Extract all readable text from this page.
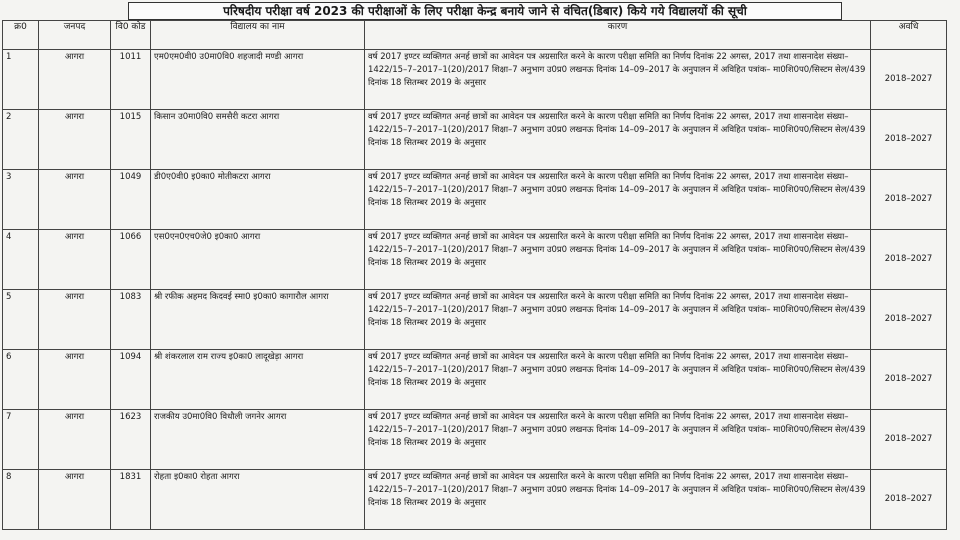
परिषदीय परीक्षा वर्ष 2023 की परीक्षाओं के लिए परीक्षा केन्द्र बनाये जाने से वंचित(डिबार) किये गये विद्यालयों की सूची
क्र0	जनपद	वि0 कोड	विद्यालय का नाम	कारण	अवधि
1	आगरा	1011	एम0एम0वी0 उ0मा0वि0 शहजादी मण्डी आगरा	वर्ष 2017 इण्टर व्यक्तिगत अनर्ह छात्रों का आवेदन पत्र अग्रसारित करने के कारण परीक्षा समिति का निर्णय दिनांक 22 अगस्त, 2017 तथा शासनादेश संख्या–1422/15–7–2017–1(20)/2017 शिक्षा–7 अनुभाग उ0प्र0 लखनऊ दिनांक 14–09–2017 के अनुपालन में अविहित पत्रांक– मा0शि0प0/सिस्टम सेल/439 दिनांक 18 सितम्बर 2019 के अनुसार	2018–2027
2	आगरा	1015	किसान उ0मा0वि0 समसैरी कटरा आगरा	वर्ष 2017 इण्टर व्यक्तिगत अनर्ह छात्रों का आवेदन पत्र अग्रसारित करने के कारण परीक्षा समिति का निर्णय दिनांक 22 अगस्त, 2017 तथा शासनादेश संख्या–1422/15–7–2017–1(20)/2017 शिक्षा–7 अनुभाग उ0प्र0 लखनऊ दिनांक 14–09–2017 के अनुपालन में अविहित पत्रांक– मा0शि0प0/सिस्टम सेल/439 दिनांक 18 सितम्बर 2019 के अनुसार	2018–2027
3	आगरा	1049	डी0ए0वी0 इ0का0 मोतीकटरा आगरा	वर्ष 2017 इण्टर व्यक्तिगत अनर्ह छात्रों का आवेदन पत्र अग्रसारित करने के कारण परीक्षा समिति का निर्णय दिनांक 22 अगस्त, 2017 तथा शासनादेश संख्या–1422/15–7–2017–1(20)/2017 शिक्षा–7 अनुभाग उ0प्र0 लखनऊ दिनांक 14–09–2017 के अनुपालन में अविहित पत्रांक– मा0शि0प0/सिस्टम सेल/439 दिनांक 18 सितम्बर 2019 के अनुसार	2018–2027
4	आगरा	1066	एस0एन0एच0जे0 इ0का0 आगरा	वर्ष 2017 इण्टर व्यक्तिगत अनर्ह छात्रों का आवेदन पत्र अग्रसारित करने के कारण परीक्षा समिति का निर्णय दिनांक 22 अगस्त, 2017 तथा शासनादेश संख्या–1422/15–7–2017–1(20)/2017 शिक्षा–7 अनुभाग उ0प्र0 लखनऊ दिनांक 14–09–2017 के अनुपालन में अविहित पत्रांक– मा0शि0प0/सिस्टम सेल/439 दिनांक 18 सितम्बर 2019 के अनुसार	2018–2027
5	आगरा	1083	श्री रफीक अहमद किदवई स्मा0 इ0का0 कागारौल आगरा	वर्ष 2017 इण्टर व्यक्तिगत अनर्ह छात्रों का आवेदन पत्र अग्रसारित करने के कारण परीक्षा समिति का निर्णय दिनांक 22 अगस्त, 2017 तथा शासनादेश संख्या–1422/15–7–2017–1(20)/2017 शिक्षा–7 अनुभाग उ0प्र0 लखनऊ दिनांक 14–09–2017 के अनुपालन में अविहित पत्रांक– मा0शि0प0/सिस्टम सेल/439 दिनांक 18 सितम्बर 2019 के अनुसार	2018–2027
6	आगरा	1094	श्री शंकरलाल राम राज्य इ0का0 लादूखेड़ा आगरा	वर्ष 2017 इण्टर व्यक्तिगत अनर्ह छात्रों का आवेदन पत्र अग्रसारित करने के कारण परीक्षा समिति का निर्णय दिनांक 22 अगस्त, 2017 तथा शासनादेश संख्या–1422/15–7–2017–1(20)/2017 शिक्षा–7 अनुभाग उ0प्र0 लखनऊ दिनांक 14–09–2017 के अनुपालन में अविहित पत्रांक– मा0शि0प0/सिस्टम सेल/439 दिनांक 18 सितम्बर 2019 के अनुसार	2018–2027
7	आगरा	1623	राजकीय उ0मा0वि0 विधौली जगनेर आगरा	वर्ष 2017 इण्टर व्यक्तिगत अनर्ह छात्रों का आवेदन पत्र अग्रसारित करने के कारण परीक्षा समिति का निर्णय दिनांक 22 अगस्त, 2017 तथा शासनादेश संख्या–1422/15–7–2017–1(20)/2017 शिक्षा–7 अनुभाग उ0प्र0 लखनऊ दिनांक 14–09–2017 के अनुपालन में अविहित पत्रांक– मा0शि0प0/सिस्टम सेल/439 दिनांक 18 सितम्बर 2019 के अनुसार	2018–2027
8	आगरा	1831	रोहता इ0का0 रोहता आगरा	वर्ष 2017 इण्टर व्यक्तिगत अनर्ह छात्रों का आवेदन पत्र अग्रसारित करने के कारण परीक्षा समिति का निर्णय दिनांक 22 अगस्त, 2017 तथा शासनादेश संख्या–1422/15–7–2017–1(20)/2017 शिक्षा–7 अनुभाग उ0प्र0 लखनऊ दिनांक 14–09–2017 के अनुपालन में अविहित पत्रांक– मा0शि0प0/सिस्टम सेल/439 दिनांक 18 सितम्बर 2019 के अनुसार	2018–2027
